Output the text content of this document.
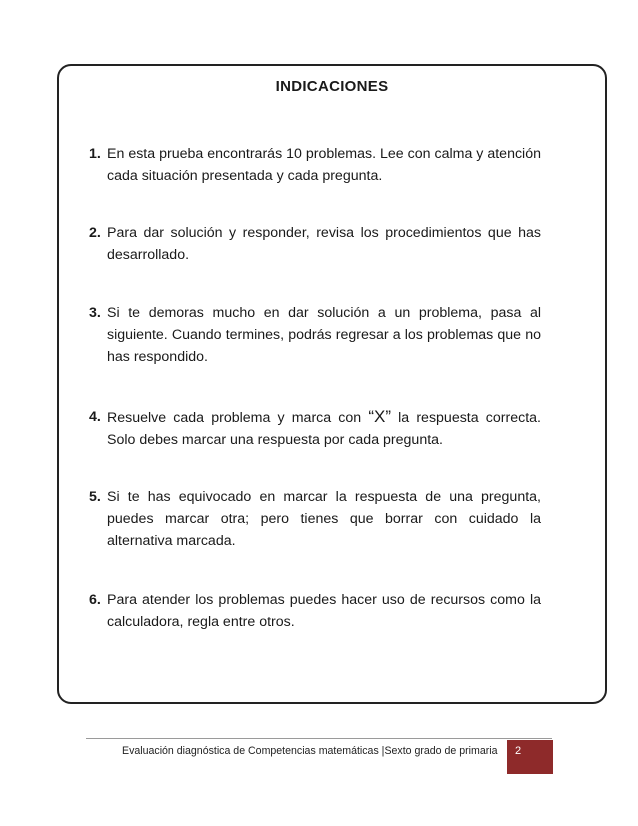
INDICACIONES
1. En esta prueba encontrarás 10 problemas. Lee con calma y atención cada situación presentada y cada pregunta.
2. Para dar solución y responder, revisa los procedimientos que has desarrollado.
3. Si te demoras mucho en dar solución a un problema, pasa al siguiente. Cuando termines, podrás regresar a los problemas que no has respondido.
4. Resuelve cada problema y marca con “X” la respuesta correcta. Solo debes marcar una respuesta por cada pregunta.
5. Si te has equivocado en marcar la respuesta de una pregunta, puedes marcar otra; pero tienes que borrar con cuidado la alternativa marcada.
6. Para atender los problemas puedes hacer uso de recursos como la calculadora, regla entre otros.
Evaluación diagnóstica de Competencias matemáticas |Sexto grado de primaria 2
